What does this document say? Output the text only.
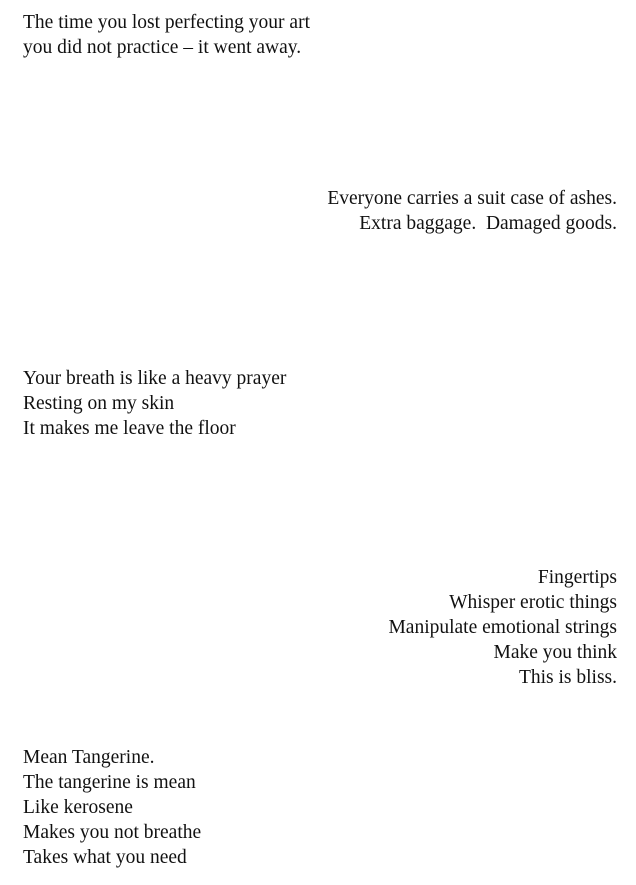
The time you lost perfecting your art
you did not practice – it went away.
Everyone carries a suit case of ashes.
Extra baggage.  Damaged goods.
Your breath is like a heavy prayer
Resting on my skin
It makes me leave the floor
Fingertips
Whisper erotic things
Manipulate emotional strings
Make you think
This is bliss.
Mean Tangerine.
The tangerine is mean
Like kerosene
Makes you not breathe
Takes what you need
